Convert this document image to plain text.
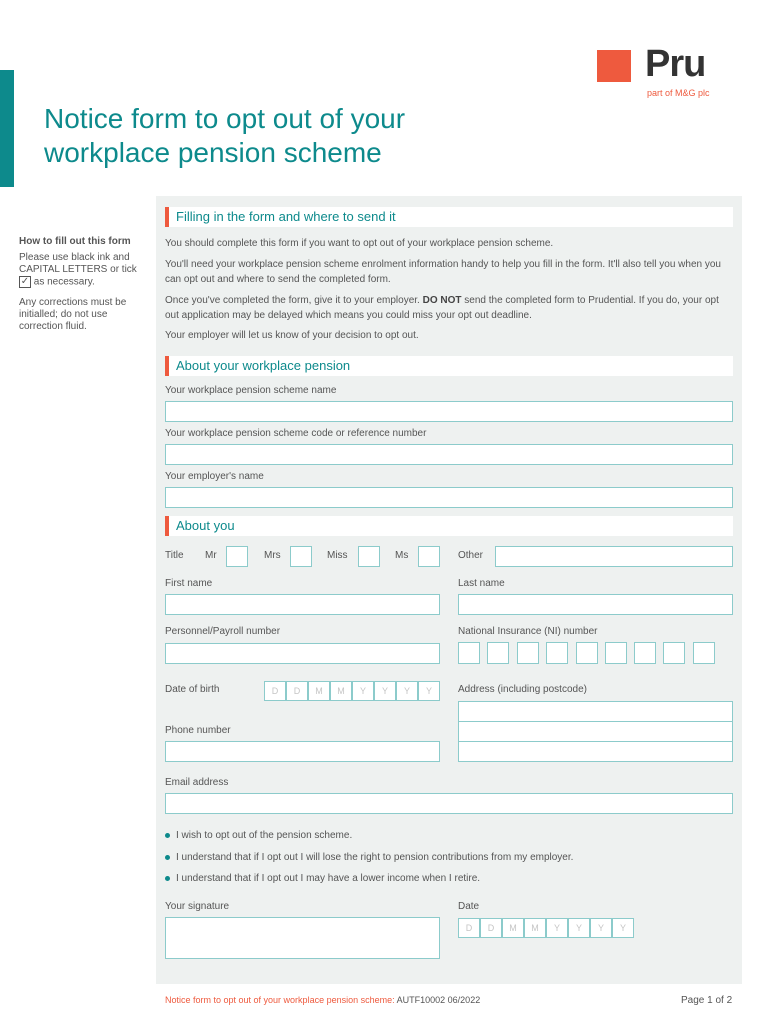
Pru
part of M&G plc
Notice form to opt out of your workplace pension scheme
How to fill out this form

Please use black ink and CAPITAL LETTERS or tick ✓ as necessary.

Any corrections must be initialled; do not use correction fluid.

Filling in the form and where to send it
You should complete this form if you want to opt out of your workplace pension scheme.
You'll need your workplace pension scheme enrolment information handy to help you fill in the form. It'll also tell you when you can opt out and where to send the completed form.
Once you've completed the form, give it to your employer. DO NOT send the completed form to Prudential. If you do, your opt out application may be delayed which means you could miss your opt out deadline.
Your employer will let us know of your decision to opt out.
About your workplace pension
Your workplace pension scheme name
Your workplace pension scheme code or reference number
Your employer's name
About you
Title Mr	Mrs	Miss	Ms	Other
First name	Last name
Personnel/Payroll number	National Insurance (NI) number
Date of birth	D	D	M	M	Y	Y	Y	Y	Address (including postcode)
Phone number
Email address
I wish to opt out of the pension scheme.
I understand that if I opt out I will lose the right to pension contributions from my employer.
I understand that if I opt out I may have a lower income when I retire.
Your signature	Date
D	D	M	M	Y	Y	Y	Y
Notice form to opt out of your workplace pension scheme: AUTF10002 06/2022	Page 1 of 2
